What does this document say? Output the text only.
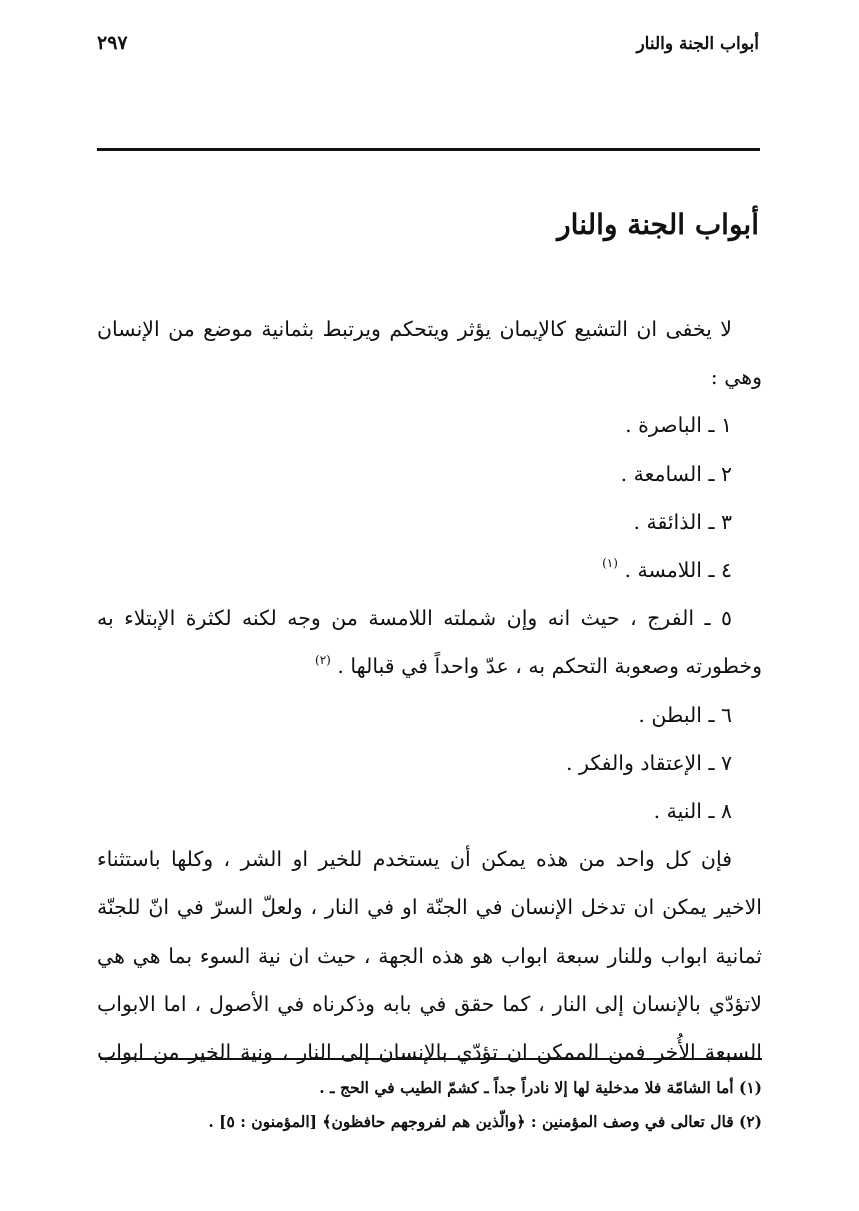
أبواب الجنة والنار
٢٩٧
أبواب الجنة والنار

لا يخفى ان التشيع كالإيمان يؤثر ويتحكم ويرتبط بثمانية موضع من الإنسان وهي :

١ ـ الباصرة .

٢ ـ السامعة .

٣ ـ الذائقة .

٤ ـ اللامسة . $^{(١)}$

٥ ـ الفرج ، حيث انه وإن شملته اللامسة من وجه لكنه لكثرة الإبتلاء به وخطورته وصعوبة التحكم به ، عدّ واحداً في قبالها . $^{(٢)}$

٦ ـ البطن .

٧ ـ الإعتقاد والفكر .

٨ ـ النية .

فإن كل واحد من هذه يمكن أن يستخدم للخير او الشر ، وكلها باستثناء الاخير يمكن ان تدخل الإنسان في الجنّة او في النار ، ولعلّ السرّ في انّ للجنّة ثمانية ابواب وللنار سبعة ابواب هو هذه الجهة ، حيث ان نية السوء بما هي هي لاتؤدّي بالإنسان إلى النار ، كما حقق في بابه وذكرناه في الأصول ، اما الابواب السبعة الأُخر فمن الممكن ان تؤدّي بالإنسان إلى النار ، ونية الخير من ابواب

(١) أما الشامّة فلا مدخلية لها إلا نادراً جداً ـ كشمّ الطيب في الحج ـ .

(٢) قال تعالى في وصف المؤمنين : ﴿والّذين هم لفروجهم حافظون﴾ [المؤمنون : ٥] .
